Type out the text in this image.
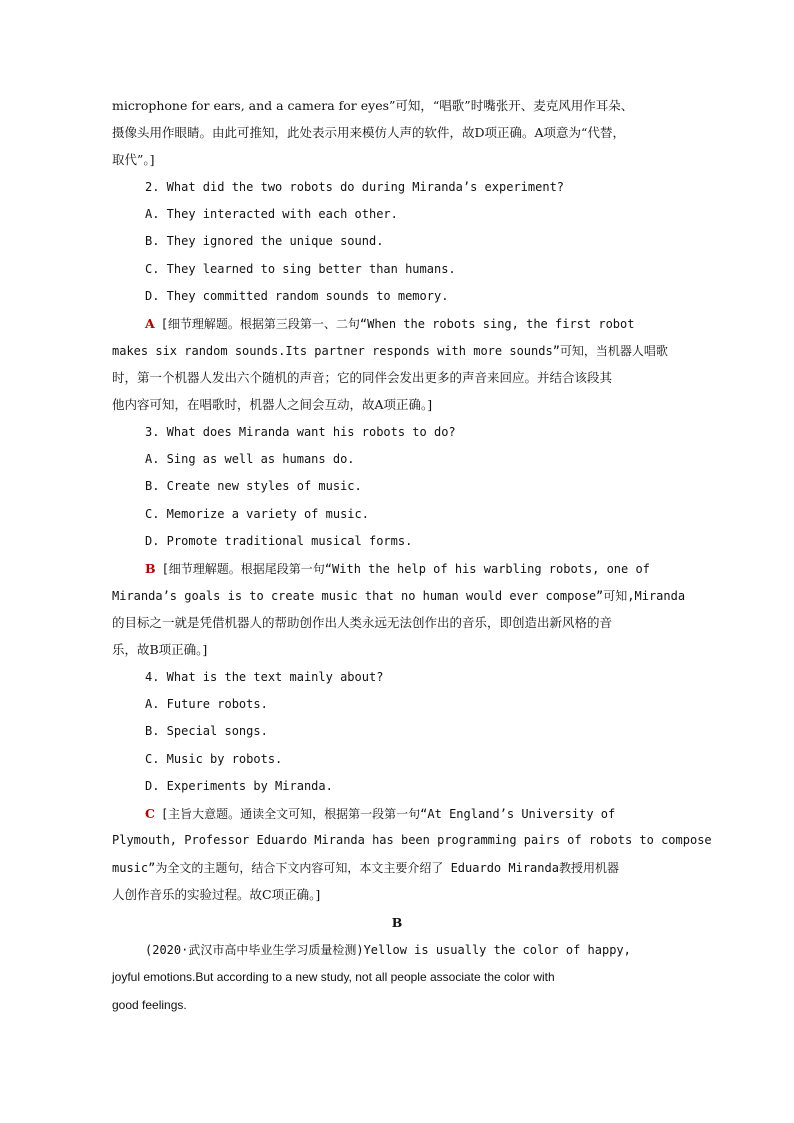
microphone for ears, and a camera for eyes”可知，“唱歌”时嘴张开、麦克风用作耳朵、
摄像头用作眼睛。由此可推知，此处表示用来模仿人声的软件，故D项正确。A项意为“代替，
取代”。]
2. What did the two robots do during Miranda’s experiment?
A. They interacted with each other.
B. They ignored the unique sound.
C. They learned to sing better than humans.
D. They committed random sounds to memory.
A [细节理解题。根据第三段第一、二句“When the robots sing, the first robot
makes six random sounds.Its partner responds with more sounds”可知，当机器人唱歌
时，第一个机器人发出六个随机的声音；它的同伴会发出更多的声音来回应。并结合该段其
他内容可知，在唱歌时，机器人之间会互动，故A项正确。]
3. What does Miranda want his robots to do?
A. Sing as well as humans do.
B. Create new styles of music.
C. Memorize a variety of music.
D. Promote traditional musical forms.
B [细节理解题。根据尾段第一句“With the help of his warbling robots, one of
Miranda’s goals is to create music that no human would ever compose”可知,Miranda
的目标之一就是凭借机器人的帮助创作出人类永远无法创作出的音乐，即创造出新风格的音
乐，故B项正确。]
4. What is the text mainly about?
A. Future robots.
B. Special songs.
C. Music by robots.
D. Experiments by Miranda.
C [主旨大意题。通读全文可知，根据第一段第一句“At England’s University of
Plymouth, Professor Eduardo Miranda has been programming pairs of robots to compose
music”为全文的主题句，结合下文内容可知，本文主要介绍了 Eduardo Miranda教授用机器
人创作音乐的实验过程。故C项正确。]
B
(2020·武汉市高中毕业生学习质量检测)Yellow is usually the color of happy,
joyful emotions.But according to a new study, not all people associate the color with
good feelings.
